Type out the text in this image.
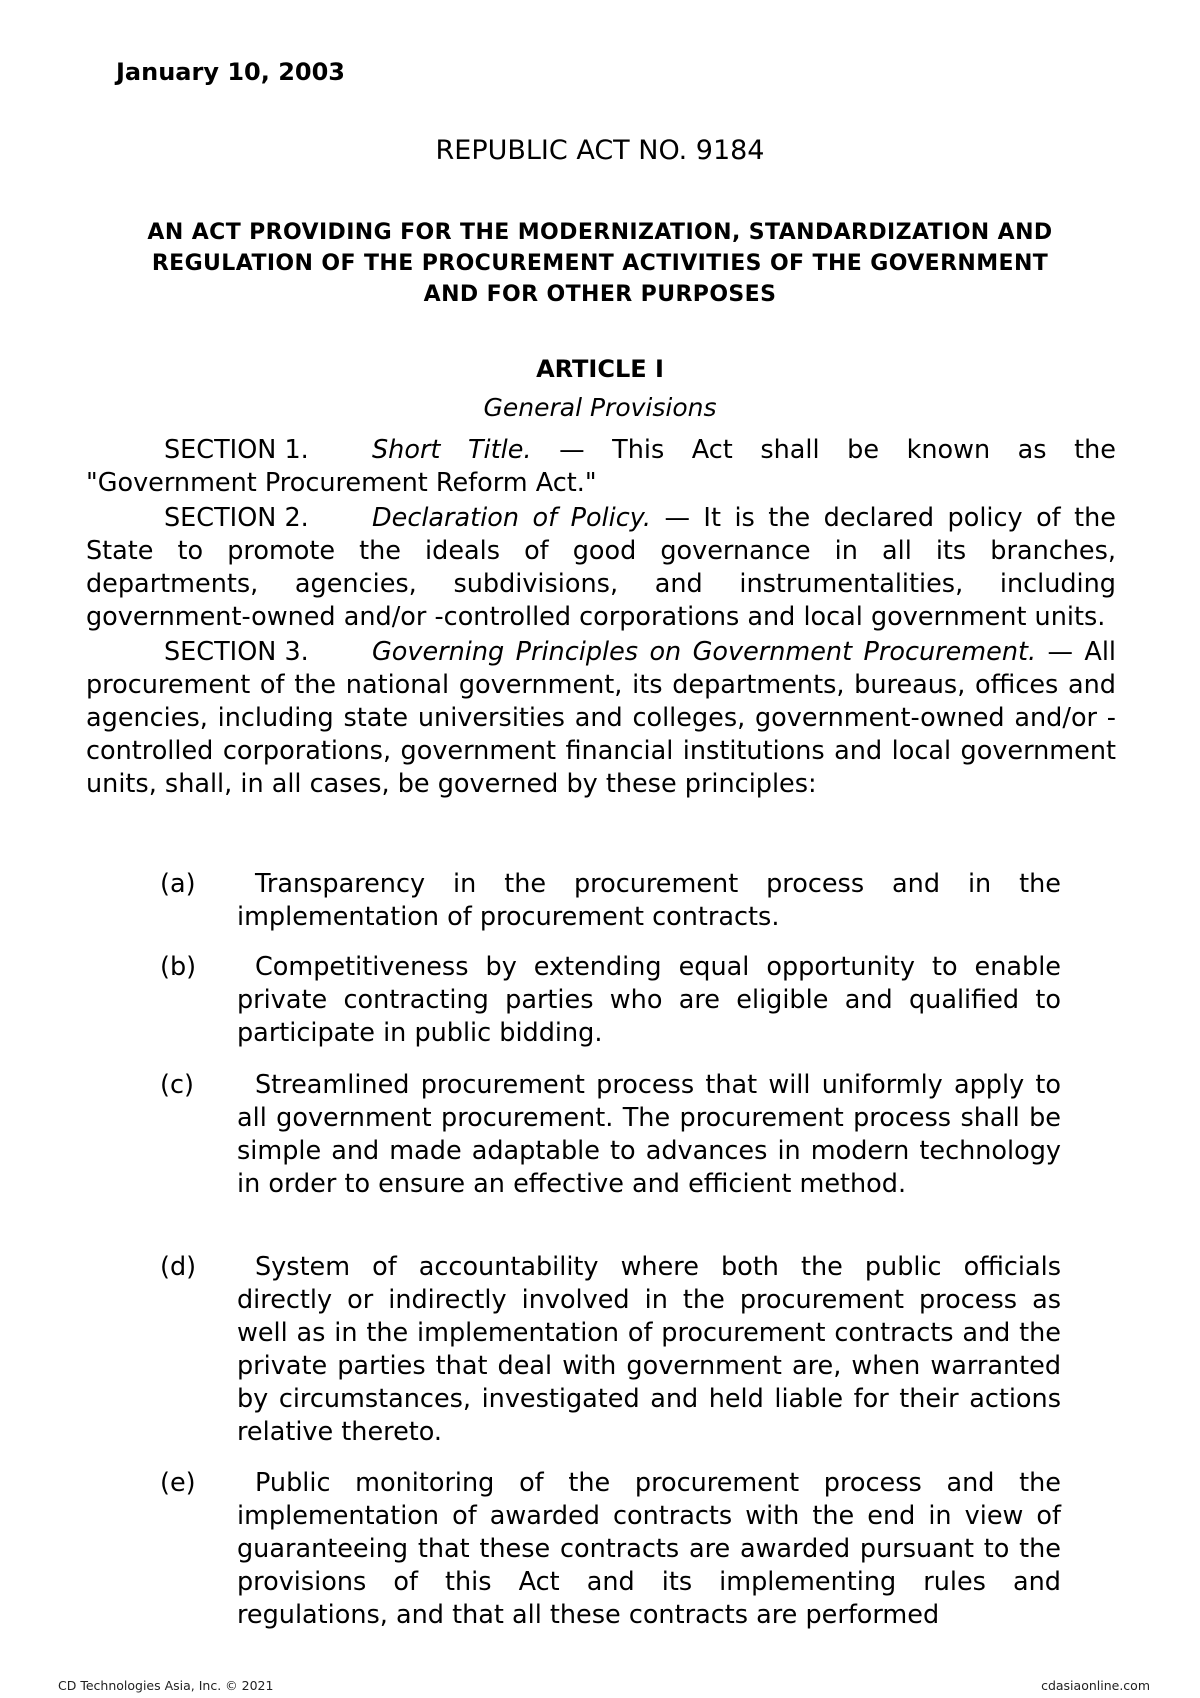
January 10, 2003
REPUBLIC ACT NO. 9184
AN ACT PROVIDING FOR THE MODERNIZATION, STANDARDIZATION AND
REGULATION OF THE PROCUREMENT ACTIVITIES OF THE GOVERNMENT
AND FOR OTHER PURPOSES
ARTICLE I
General Provisions

SECTION 1. Short Title. — This Act shall be known as the "Government Procurement Reform Act."

SECTION 2. Declaration of Policy. — It is the declared policy of the State to promote the ideals of good governance in all its branches, departments, agencies, subdivisions, and instrumentalities, including government-owned and/or -controlled corporations and local government units.

SECTION 3. Governing Principles on Government Procurement. — All procurement of the national government, its departments, bureaus, offices and agencies, including state universities and colleges, government-owned and/or -controlled corporations, government financial institutions and local government units, shall, in all cases, be governed by these principles:

(a)	Transparency in the procurement process and in the implementation of procurement contracts.
(b)	Competitiveness by extending equal opportunity to enable private contracting parties who are eligible and qualified to participate in public bidding.
(c)	Streamlined procurement process that will uniformly apply to all government procurement. The procurement process shall be simple and made adaptable to advances in modern technology in order to ensure an effective and efficient method.
(d)	System of accountability where both the public officials directly or indirectly involved in the procurement process as well as in the implementation of procurement contracts and the private parties that deal with government are, when warranted by circumstances, investigated and held liable for their actions relative thereto.
(e)	Public monitoring of the procurement process and the implementation of awarded contracts with the end in view of guaranteeing that these contracts are awarded pursuant to the provisions of this Act and its implementing rules and regulations, and that all these contracts are performed
CD Technologies Asia, Inc. © 2021	cdasiaonline.com
